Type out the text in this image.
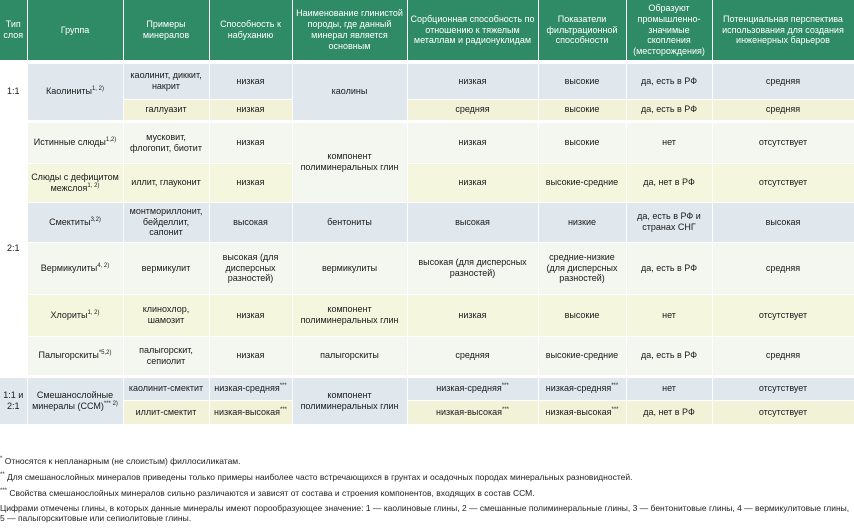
Тип слоя	Группа	Примеры минералов	Способность к набуханию	Наименование глинистой породы, где данный минерал является основным	Сорбционная способность по отношению к тяжелым металлам и радионуклидам	Показатели фильтрационной способности	Образуют промышленно-значимые скопления (месторождения)	Потенциальная перспектива использования для создания инженерных барьеров
1:1	Каолиниты$^{1, 2)}$	каолинит, диккит, накрит	низкая	каолины	низкая	высокие	да, есть в РФ	средняя
		галлуазит	низкая		средняя	высокие	да, есть в РФ	средняя
2:1	Истинные слюды$^{1,2)}$	мусковит, флогопит, биотит	низкая	компонент полиминеральных глин	низкая	высокие	нет	отсутствует
	Слюды с дефицитом межслоя$^{1, 2)}$	иллит, глауконит	низкая		низкая	высокие-средние	да, нет в РФ	отсутствует
	Смектиты$^{3,2)}$	монтмориллонит, бейделлит, сапонит	высокая	бентониты	высокая	низкие	да, есть в РФ и странах СНГ	высокая
	Вермикулиты$^{4, 2)}$	вермикулит	высокая (для дисперсных разностей)	вермикулиты	высокая (для дисперсных разностей)	средние-низкие (для дисперсных разностей)	да, есть в РФ	средняя
	Хлориты$^{1, 2)}$	клинохлор, шамозит	низкая	компонент полиминеральных глин	низкая	высокие	нет	отсутствует
	Палыгорскиты$^{*5,2)}$	палыгорскит, сепиолит	низкая	палыгорскиты	средняя	высокие-средние	да, есть в РФ	средняя
1:1 и 2:1	Смешанослойные минералы (ССМ)$^{*** 2)}$	каолинит-смектит	низкая-средняя***	компонент полиминеральных глин	низкая-средняя***	низкая-средняя***	нет	отсутствует
		иллит-смектит	низкая-высокая***		низкая-высокая***	низкая-высокая***	да, нет в РФ	отсутствует

* Относятся к непланарным (не слоистым) филлосиликатам.

** Для смешанослойных минералов приведены только примеры наиболее часто встречающихся в грунтах и осадочных породах минеральных разновидностей.

*** Свойства смешанослойных минералов сильно различаются и зависят от состава и строения компонентов, входящих в состав ССМ.

Цифрами отмечены глины, в которых данные минералы имеют порообразующее значение: 1 — каолиновые глины, 2 — смешанные полиминеральные глины, 3 — бентонитовые глины, 4 — вермикулитовые глины, 5 — палыгорскитовые или сепиолитовые глины.
